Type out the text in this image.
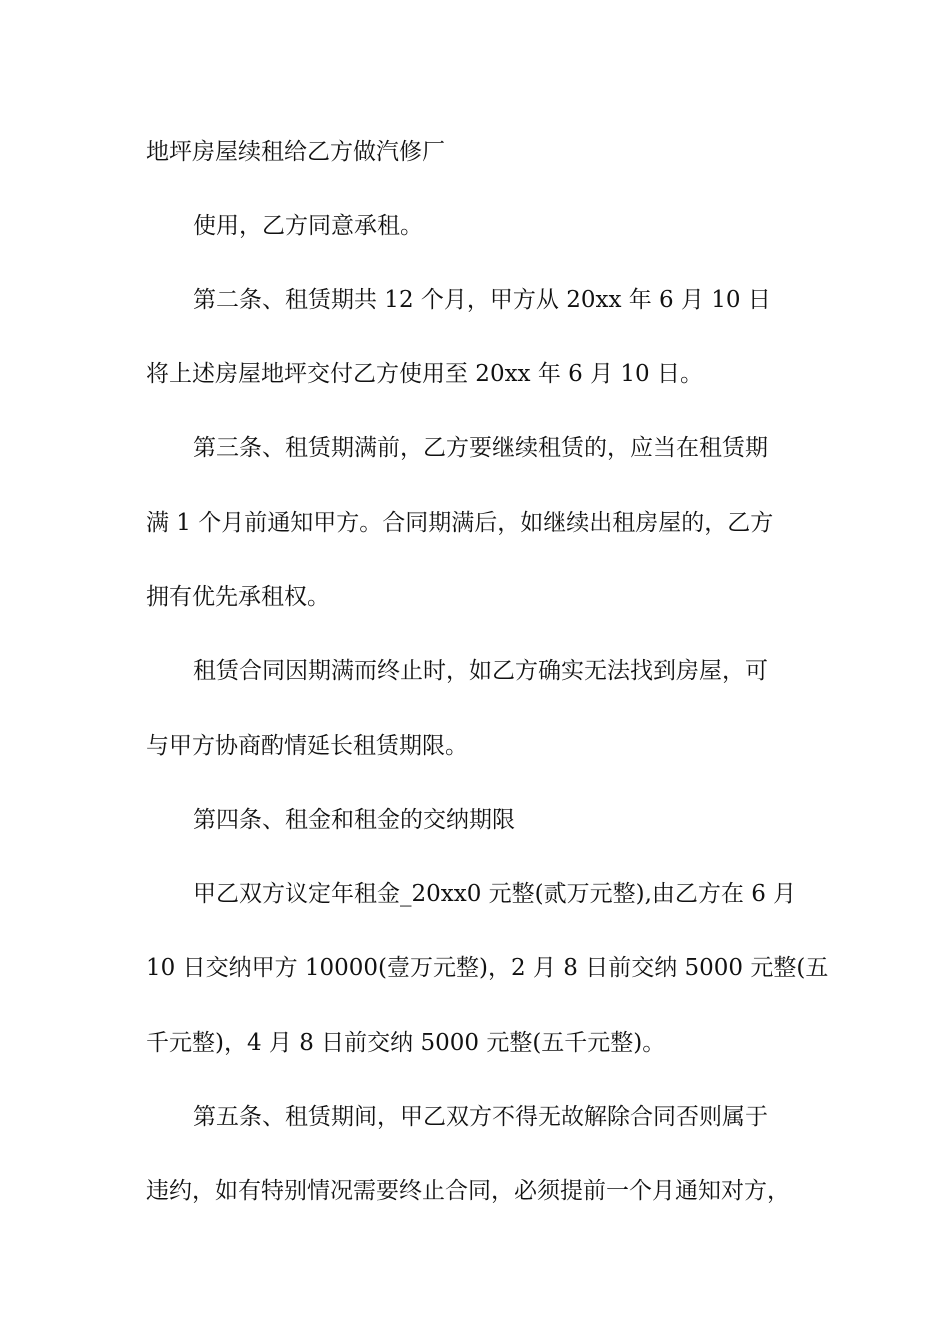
地坪房屋续租给乙方做汽修厂
使用，乙方同意承租。
第二条、租赁期共 12 个月，甲方从 20xx 年 6 月 10 日
将上述房屋地坪交付乙方使用至 20xx 年 6 月 10 日。
第三条、租赁期满前，乙方要继续租赁的，应当在租赁期
满 1 个月前通知甲方。合同期满后，如继续出租房屋的，乙方
拥有优先承租权。
租赁合同因期满而终止时，如乙方确实无法找到房屋，可
与甲方协商酌情延长租赁期限。
第四条、租金和租金的交纳期限
甲乙双方议定年租金_20xx0 元整(贰万元整),由乙方在 6 月
10 日交纳甲方 10000(壹万元整)，2 月 8 日前交纳 5000 元整(五
千元整)，4 月 8 日前交纳 5000 元整(五千元整)。
第五条、租赁期间，甲乙双方不得无故解除合同否则属于
违约，如有特别情况需要终止合同，必须提前一个月通知对方，
